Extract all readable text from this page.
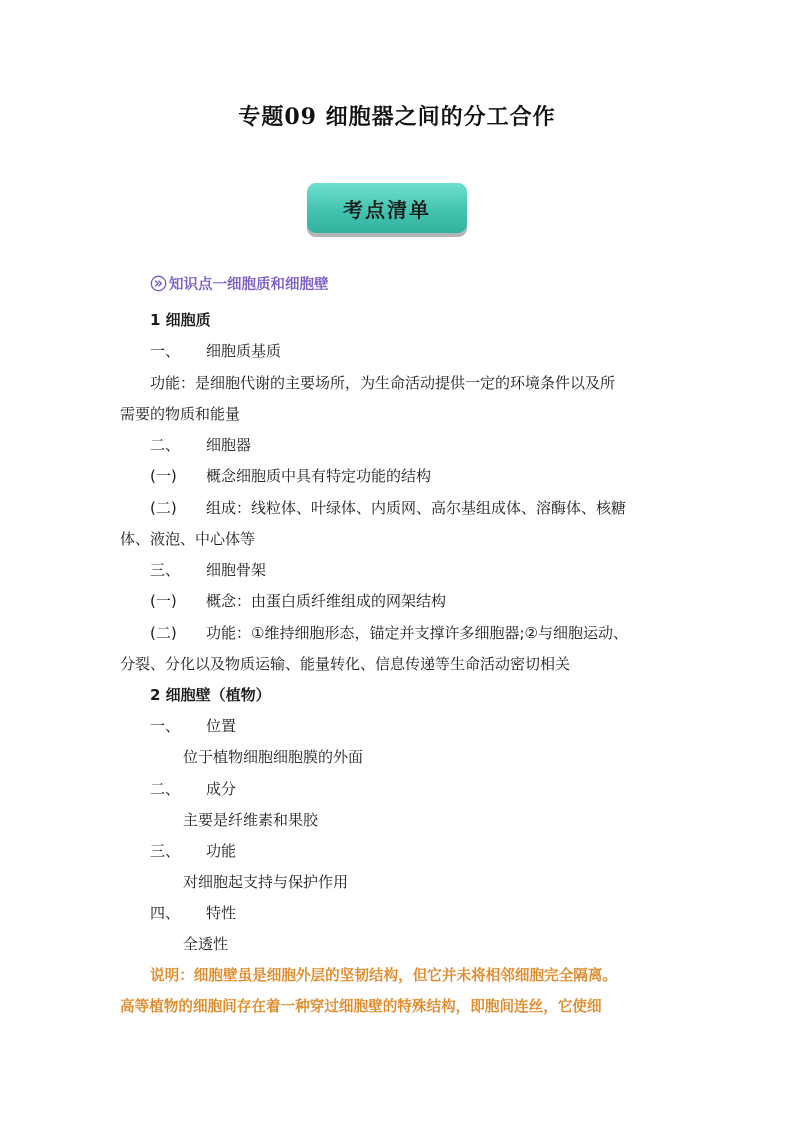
专题09 细胞器之间的分工合作
考点清单
知识点一细胞质和细胞壁
1 细胞质
一、 细胞质基质
功能：是细胞代谢的主要场所，为生命活动提供一定的环境条件以及所
需要的物质和能量
二、 细胞器
(一) 概念细胞质中具有特定功能的结构
(二) 组成：线粒体、叶绿体、内质网、高尔基组成体、溶酶体、核糖
体、液泡、中心体等
三、 细胞骨架
(一) 概念：由蛋白质纤维组成的网架结构
(二) 功能：①维持细胞形态，锚定并支撑许多细胞器;②与细胞运动、
分裂、分化以及物质运输、能量转化、信息传递等生命活动密切相关
2 细胞壁（植物）
一、 位置
位于植物细胞细胞膜的外面
二、 成分
主要是纤维素和果胶
三、 功能
对细胞起支持与保护作用
四、 特性
全透性
说明：细胞壁虽是细胞外层的坚韧结构，但它并未将相邻细胞完全隔离。
高等植物的细胞间存在着一种穿过细胞壁的特殊结构，即胞间连丝，它使细
